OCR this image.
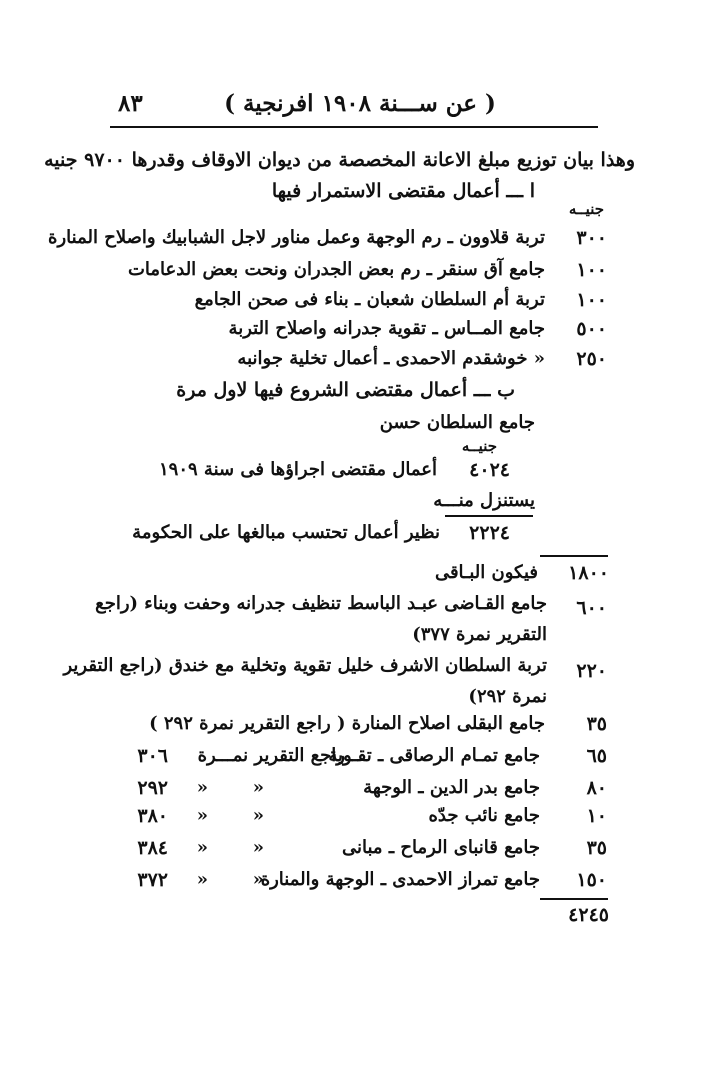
( عن ســـنة ١٩٠٨ افرنجية )
٨٣
وهذا بيان توزيع مبلغ الاعانة المخصصة من ديوان الاوقاف وقدرها ٩٧٠٠ جنيه
ا ـــ أعمال مقتضى الاستمرار فيها
جنيــه
٣٠٠
تربة قلاوون ـ رم الوجهة وعمل مناور لاجل الشبابيك واصلاح المنارة
١٠٠
جامع آق سنقر ـ رم بعض الجدران ونحت بعض الدعامات
١٠٠
تربة أم السلطان شعبان ـ بناء فى صحن الجامع
٥٠٠
جامع المــاس ـ تقوية جدرانه واصلاح التربة
٢٥٠
« خوشقدم الاحمدى ـ أعمال تخلية جوانبه
ب ـــ أعمال مقتضى الشروع فيها لاول مرة
جامع السلطان حسن
جنيــه
٤٠٢٤
أعمال مقتضى اجراؤها فى سنة ١٩٠٩
يستنزل منـــه
٢٢٢٤
نظير أعمال تحتسب مبالغها على الحكومة
١٨٠٠
فيكون البـاقى
٦٠٠
جامع القـاضى عبـد الباسط تنظيف جدرانه وحفت وبناء (راجع
التقرير نمرة ٣٧٧)
٢٢٠
تربة السلطان الاشرف خليل تقوية وتخلية مع خندق (راجع التقرير
نمرة ٢٩٢)
٣٥
جامع البقلى اصلاح المنارة ( راجع التقرير نمرة ٢٩٢ )
٦٥
جامع تمـام الرصاقى ـ تقـوية
راجع التقرير نمـــرة
٣٠٦
٨٠
جامع بدر الدين ـ الوجهة
«
«
٢٩٢
١٠
جامع نائب جدّه
«
«
٣٨٠
٣٥
جامع قانباى الرماح ـ مبانى
«
«
٣٨٤
١٥٠
جامع تمراز الاحمدى ـ الوجهة والمنارة
«
«
٣٧٢
٤٢٤٥
